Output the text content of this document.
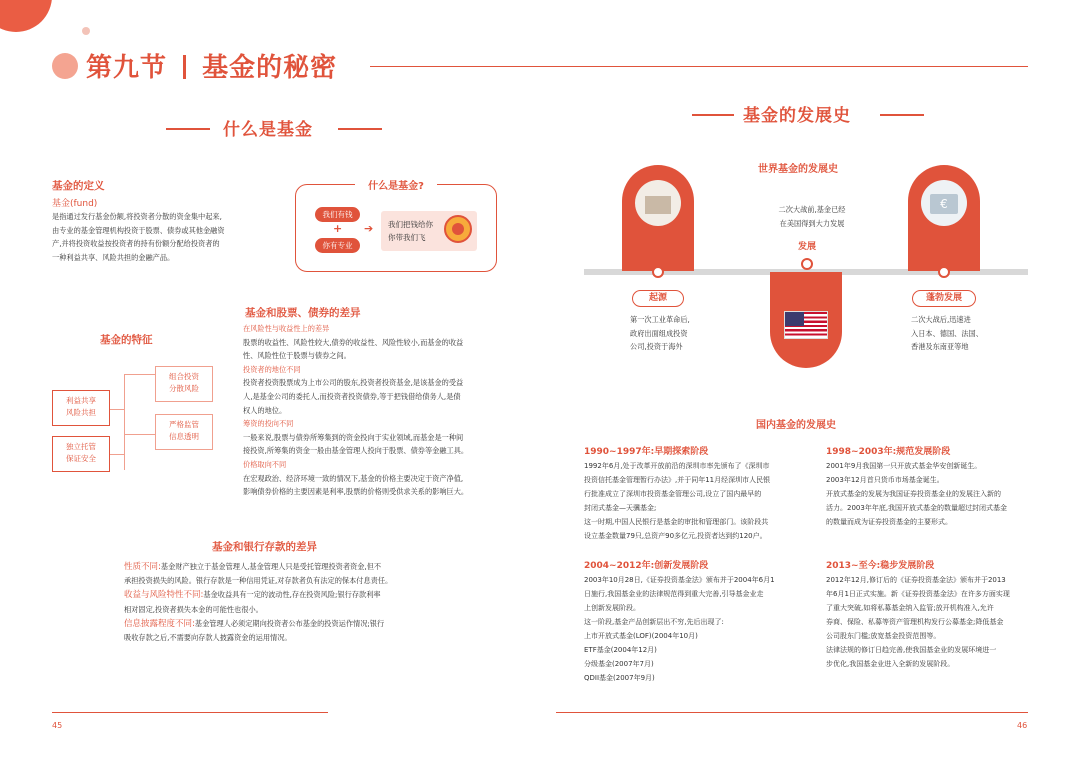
第九节 基金的秘密
什么是基金
基金的定义
基金(fund)
是指通过发行基金份额,将投资者分散的资金集中起来,
由专业的基金管理机构投资于股票、债券或其他金融资
产,并将投资收益按投资者的持有份额分配给投资者的
一种利益共享、风险共担的金融产品。
什么是基金?
我们有钱
+
你有专业
➔ 我们把钱给你
你带我们飞
基金的特征
利益共享
风险共担
独立托管
保证安全
组合投资
分散风险
严格监管
信息透明
基金和股票、债券的差异
在风险性与收益性上的差异
股票的收益性、风险性较大,债券的收益性、风险性较小,而基金的收益
性、风险性位于股票与债券之间。
投资者的地位不同
投资者投资股票成为上市公司的股东,投资者投资基金,是该基金的受益
人,是基金公司的委托人,而投资者投资债券,等于把钱借给债务人,是债
权人的地位。
筹资的投向不同
一般来说,股票与债券所筹集到的资金投向于实业领域,而基金是一种间
接投资,所筹集的资金一般由基金管理人投向于股票、债券等金融工具。
价格取向不同
在宏观政治、经济环境一致的情况下,基金的价格主要决定于资产净值,
影响债券价格的主要因素是利率,股票的价格则受供求关系的影响巨大。
基金和银行存款的差异
性质不同:基金财产独立于基金管理人,基金管理人只是受托管理投资者资金,但不
承担投资损失的风险。银行存款是一种信用凭证,对存款者负有法定的保本付息责任。
收益与风险特性不同:基金收益具有一定的波动性,存在投资风险;银行存款利率
相对固定,投资者损失本金的可能性也很小。
信息披露程度不同:基金管理人必须定期向投资者公布基金的投资运作情况;银行
吸收存款之后,不需要向存款人披露资金的运用情况。
45
基金的发展史
世界基金的发展史
起源
第一次工业革命后,
政府出面组成投资
公司,投资于海外
二次大战前,基金已经
在美国得到大力发展
发展
€
蓬勃发展
二次大战后,迅速进
入日本、德国、法国、
香港及东南亚等地
国内基金的发展史
1990~1997年:早期探索阶段
1992年6月,处于改革开放前沿的深圳市率先颁布了《深圳市
投资信托基金管理暂行办法》,并于同年11月经深圳市人民银
行批准成立了深圳市投资基金管理公司,设立了国内最早的
封闭式基金—天骥基金;
这一时期,中国人民银行是基金的审批和管理部门。该阶段共
设立基金数量79只,总资产90多亿元,投资者达到约120户。
1998~2003年:规范发展阶段
2001年9月我国第一只开放式基金华安创新诞生。
2003年12月首只货币市场基金诞生。
开放式基金的发展为我国证券投资基金业的发展注入新的
活力。2003年年底,我国开放式基金的数量超过封闭式基金
的数量而成为证券投资基金的主要形式。
2004~2012年:创新发展阶段
2003年10月28日,《证券投资基金法》颁布并于2004年6月1
日施行,我国基金业的法律规范得到重大完善,引导基金业走
上创新发展阶段。
这一阶段,基金产品创新层出不穷,先后出现了:
上市开放式基金(LOF)(2004年10月)
ETF基金(2004年12月)
分级基金(2007年7月)
QDII基金(2007年9月)
2013~至今:稳步发展阶段
2012年12月,修订后的《证券投资基金法》颁布并于2013
年6月1日正式实施。新《证券投资基金法》在许多方面实现
了重大突破,如将私募基金纳入监管;放开机构准入,允许
券商、保险、私募等资产管理机构发行公募基金;降低基金
公司股东门槛;放宽基金投资范围等。
法律法规的修订日趋完善,使我国基金业的发展环境进一
步优化,我国基金业进入全新的发展阶段。
46
